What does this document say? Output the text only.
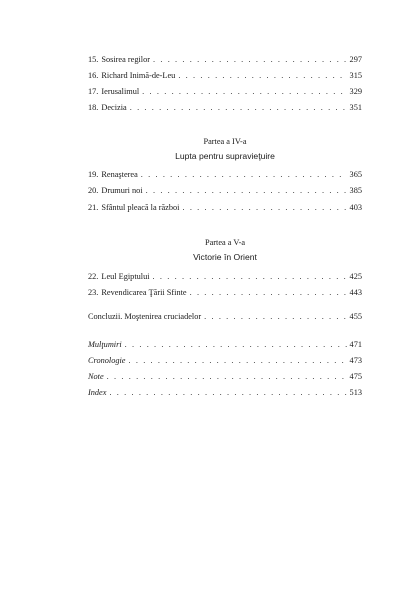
15. Sosirea regilor . . .	297
16. Richard Inimă-de-Leu . . .	315
17. Ierusalimul . . .	329
18. Decizia . . .	351
Partea a IV-a
Lupta pentru supravieţuire
19. Renaşterea . . .	365
20. Drumuri noi . . .	385
21. Sfântul pleacă la război . . .	403
Partea a V-a
Victorie în Orient
22. Leul Egiptului . . .	425
23. Revendicarea Ţării Sfinte . . .	443
Concluzii. Moştenirea cruciadelor . . .	455
Mulţumiri . . .	471
Cronologie . . .	473
Note . . .	475
Index . . .	513
